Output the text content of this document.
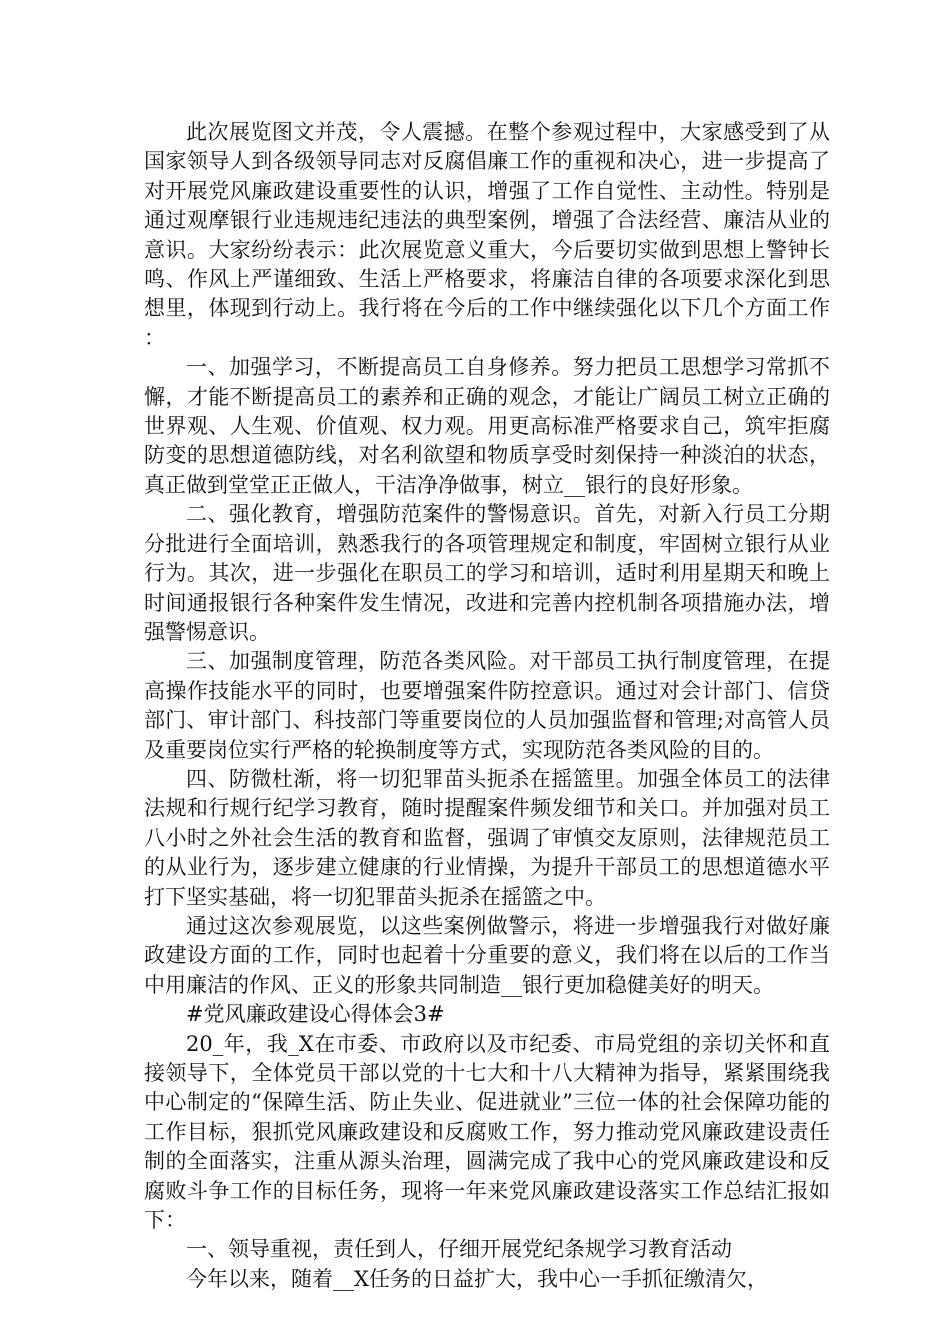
此次展览图文并茂，令人震撼。在整个参观过程中，大家感受到了从国家领导人到各级领导同志对反腐倡廉工作的重视和决心，进一步提高了对开展党风廉政建设重要性的认识，增强了工作自觉性、主动性。特别是通过观摩银行业违规违纪违法的典型案例，增强了合法经营、廉洁从业的意识。大家纷纷表示：此次展览意义重大，今后要切实做到思想上警钟长鸣、作风上严谨细致、生活上严格要求，将廉洁自律的各项要求深化到思想里，体现到行动上。我行将在今后的工作中继续强化以下几个方面工作：

一、加强学习，不断提高员工自身修养。努力把员工思想学习常抓不懈，才能不断提高员工的素养和正确的观念，才能让广阔员工树立正确的世界观、人生观、价值观、权力观。用更高标准严格要求自己，筑牢拒腐防变的思想道德防线，对名利欲望和物质享受时刻保持一种淡泊的状态，真正做到堂堂正正做人，干洁净净做事，树立__银行的良好形象。

二、强化教育，增强防范案件的警惕意识。首先，对新入行员工分期分批进行全面培训，熟悉我行的各项管理规定和制度，牢固树立银行从业行为。其次，进一步强化在职员工的学习和培训，适时利用星期天和晚上时间通报银行各种案件发生情况，改进和完善内控机制各项措施办法，增强警惕意识。

三、加强制度管理，防范各类风险。对干部员工执行制度管理，在提高操作技能水平的同时，也要增强案件防控意识。通过对会计部门、信贷部门、审计部门、科技部门等重要岗位的人员加强监督和管理;对高管人员及重要岗位实行严格的轮换制度等方式，实现防范各类风险的目的。

四、防微杜渐，将一切犯罪苗头扼杀在摇篮里。加强全体员工的法律法规和行规行纪学习教育，随时提醒案件频发细节和关口。并加强对员工八小时之外社会生活的教育和监督，强调了审慎交友原则，法律规范员工的从业行为，逐步建立健康的行业情操，为提升干部员工的思想道德水平打下坚实基础，将一切犯罪苗头扼杀在摇篮之中。

通过这次参观展览，以这些案例做警示，将进一步增强我行对做好廉政建设方面的工作，同时也起着十分重要的意义，我们将在以后的工作当中用廉洁的作风、正义的形象共同制造__银行更加稳健美好的明天。

#党风廉政建设心得体会3#

20_年，我_X在市委、市政府以及市纪委、市局党组的亲切关怀和直接领导下，全体党员干部以党的十七大和十八大精神为指导，紧紧围绕我中心制定的“保障生活、防止失业、促进就业”三位一体的社会保障功能的工作目标，狠抓党风廉政建设和反腐败工作，努力推动党风廉政建设责任制的全面落实，注重从源头治理，圆满完成了我中心的党风廉政建设和反腐败斗争工作的目标任务，现将一年来党风廉政建设落实工作总结汇报如下：

一、领导重视，责任到人，仔细开展党纪条规学习教育活动

今年以来，随着__X任务的日益扩大，我中心一手抓征缴清欠，
